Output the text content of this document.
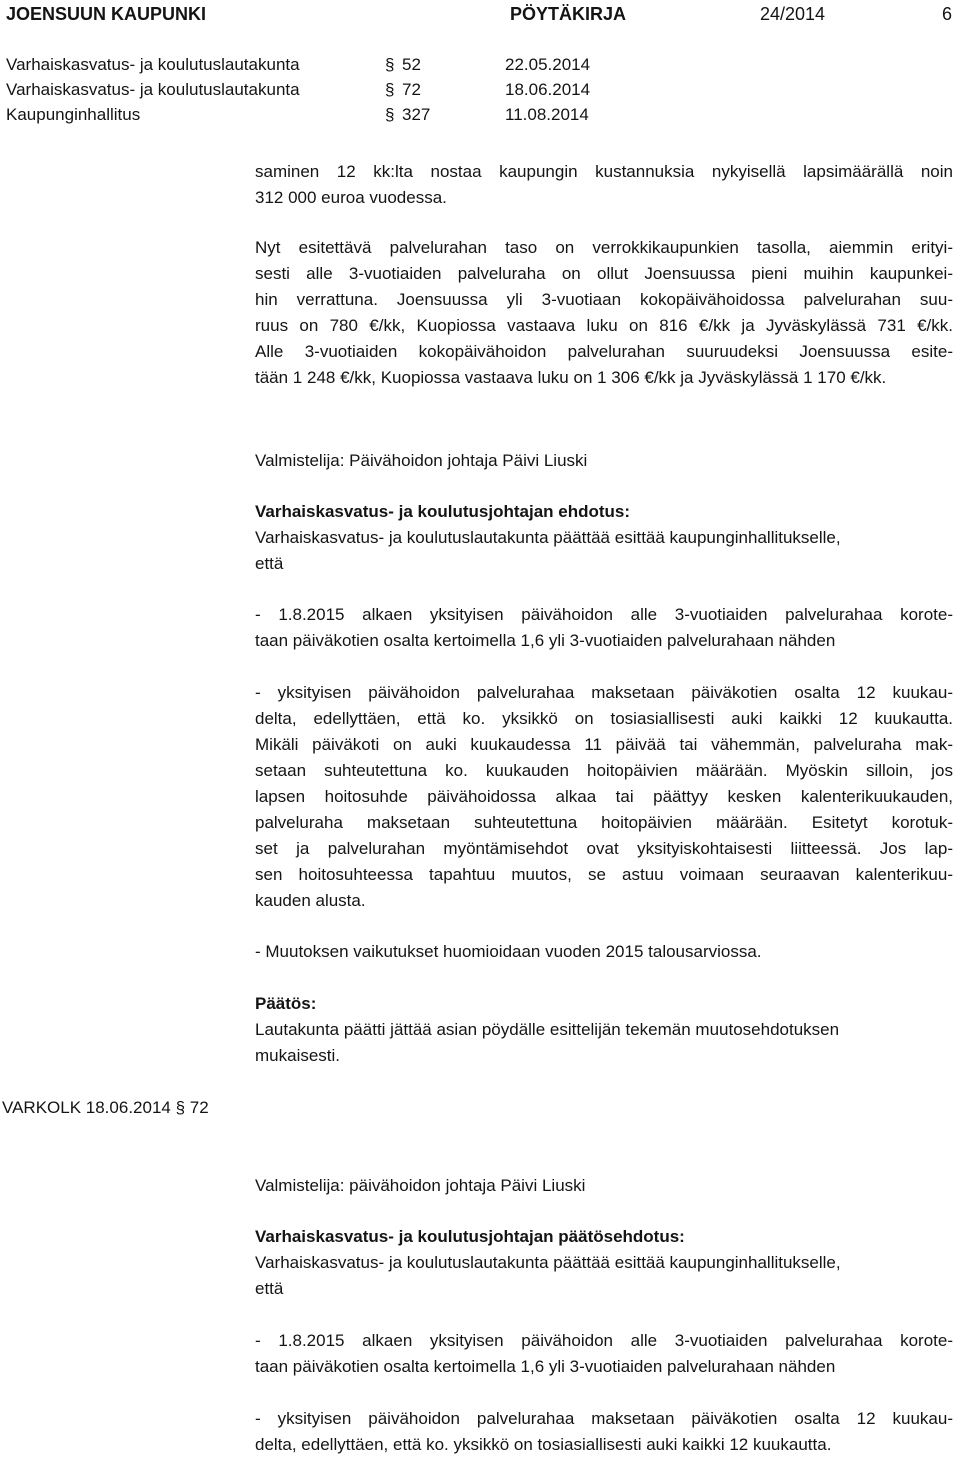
JOENSUUN KAUPUNKI	PÖYTÄKIRJA	24/2014	6
Varhaiskasvatus- ja koulutuslautakunta	§ 52	22.05.2014
Varhaiskasvatus- ja koulutuslautakunta	§ 72	18.06.2014
Kaupunginhallitus	§ 327	11.08.2014
saminen 12 kk:lta nostaa kaupungin kustannuksia nykyisellä lapsimäärällä noin
312 000 euroa vuodessa.
Nyt esitettävä palvelurahan taso on verrokkikaupunkien tasolla, aiemmin erityi-
sesti alle 3-vuotiaiden palveluraha on ollut Joensuussa pieni muihin kaupunkei-
hin verrattuna. Joensuussa yli 3-vuotiaan kokopäivähoidossa palvelurahan suu-
ruus on 780 €/kk, Kuopiossa vastaava luku on 816 €/kk ja Jyväskylässä 731 €/kk.
Alle 3-vuotiaiden kokopäivähoidon palvelurahan suuruudeksi Joensuussa esite-
tään 1 248 €/kk, Kuopiossa vastaava luku on 1 306 €/kk ja Jyväskylässä 1 170 €/kk.
Valmistelija: Päivähoidon johtaja Päivi Liuski
Varhaiskasvatus- ja koulutusjohtajan ehdotus:
Varhaiskasvatus- ja koulutuslautakunta päättää esittää kaupunginhallitukselle,
että
- 1.8.2015 alkaen yksityisen päivähoidon alle 3-vuotiaiden palvelurahaa korote-
taan päiväkotien osalta kertoimella 1,6 yli 3-vuotiaiden palvelurahaan nähden
- yksityisen päivähoidon palvelurahaa maksetaan päiväkotien osalta 12 kuukau-
delta, edellyttäen, että ko. yksikkö on tosiasiallisesti auki kaikki 12 kuukautta.
Mikäli päiväkoti on auki kuukaudessa 11 päivää tai vähemmän, palveluraha mak-
setaan suhteutettuna ko. kuukauden hoitopäivien määrään. Myöskin silloin, jos
lapsen hoitosuhde päivähoidossa alkaa tai päättyy kesken kalenterikuukauden,
palveluraha maksetaan suhteutettuna hoitopäivien määrään. Esitetyt korotuk-
set ja palvelurahan myöntämisehdot ovat yksityiskohtaisesti liitteessä. Jos lap-
sen hoitosuhteessa tapahtuu muutos, se astuu voimaan seuraavan kalenterikuu-
kauden alusta.
- Muutoksen vaikutukset huomioidaan vuoden 2015 talousarviossa.
Päätös:
Lautakunta päätti jättää asian pöydälle esittelijän tekemän muutosehdotuksen
mukaisesti.
VARKOLK 18.06.2014 § 72
Valmistelija: päivähoidon johtaja Päivi Liuski
Varhaiskasvatus- ja koulutusjohtajan päätösehdotus:
Varhaiskasvatus- ja koulutuslautakunta päättää esittää kaupunginhallitukselle,
että
- 1.8.2015 alkaen yksityisen päivähoidon alle 3-vuotiaiden palvelurahaa korote-
taan päiväkotien osalta kertoimella 1,6 yli 3-vuotiaiden palvelurahaan nähden
- yksityisen päivähoidon palvelurahaa maksetaan päiväkotien osalta 12 kuukau-
delta, edellyttäen, että ko. yksikkö on tosiasiallisesti auki kaikki 12 kuukautta.
